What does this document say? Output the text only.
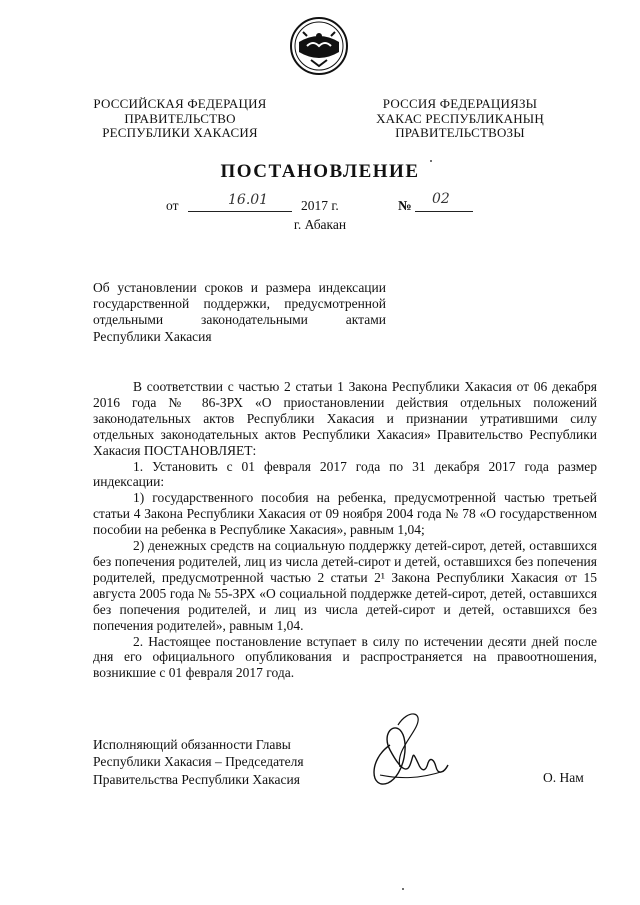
РОССИЙСКАЯ ФЕДЕРАЦИЯ
ПРАВИТЕЛЬСТВО
РЕСПУБЛИКИ ХАКАСИЯ
РОССИЯ ФЕДЕРАЦИЯЗЫ
ХАКАС РЕСПУБЛИКАНЫҢ
ПРАВИТЕЛЬСТВОЗЫ
ПОСТАНОВЛЕНИЕ
от	16.01 2017 г.	№ 02
г. Абакан
Об установлении сроков и размера индексации государственной поддержки, предусмотренной отдельными законодательными актами Республики Хакасия

В соответствии с частью 2 статьи 1 Закона Республики Хакасия от 06 декабря 2016 года № 86-ЗРХ «О приостановлении действия отдельных положений законодательных актов Республики Хакасия и признании утратившими силу отдельных законодательных актов Республики Хакасия» Правительство Республики Хакасия ПОСТАНОВЛЯЕТ:

1. Установить с 01 февраля 2017 года по 31 декабря 2017 года размер индексации:

1) государственного пособия на ребенка, предусмотренной частью третьей статьи 4 Закона Республики Хакасия от 09 ноября 2004 года № 78 «О государственном пособии на ребенка в Республике Хакасия», равным 1,04;

2) денежных средств на социальную поддержку детей-сирот, детей, оставшихся без попечения родителей, лиц из числа детей-сирот и детей, оставшихся без попечения родителей, предусмотренной частью 2 статьи 2¹ Закона Республики Хакасия от 15 августа 2005 года № 55-ЗРХ «О социальной поддержке детей-сирот, детей, оставшихся без попечения родителей, и лиц из числа детей-сирот и детей, оставшихся без попечения родителей», равным 1,04.

2. Настоящее постановление вступает в силу по истечении десяти дней после дня его официального опубликования и распространяется на правоотношения, возникшие с 01 февраля 2017 года.

Исполняющий обязанности Главы
Республики Хакасия – Председателя
Правительства Республики Хакасия	О. Нам
